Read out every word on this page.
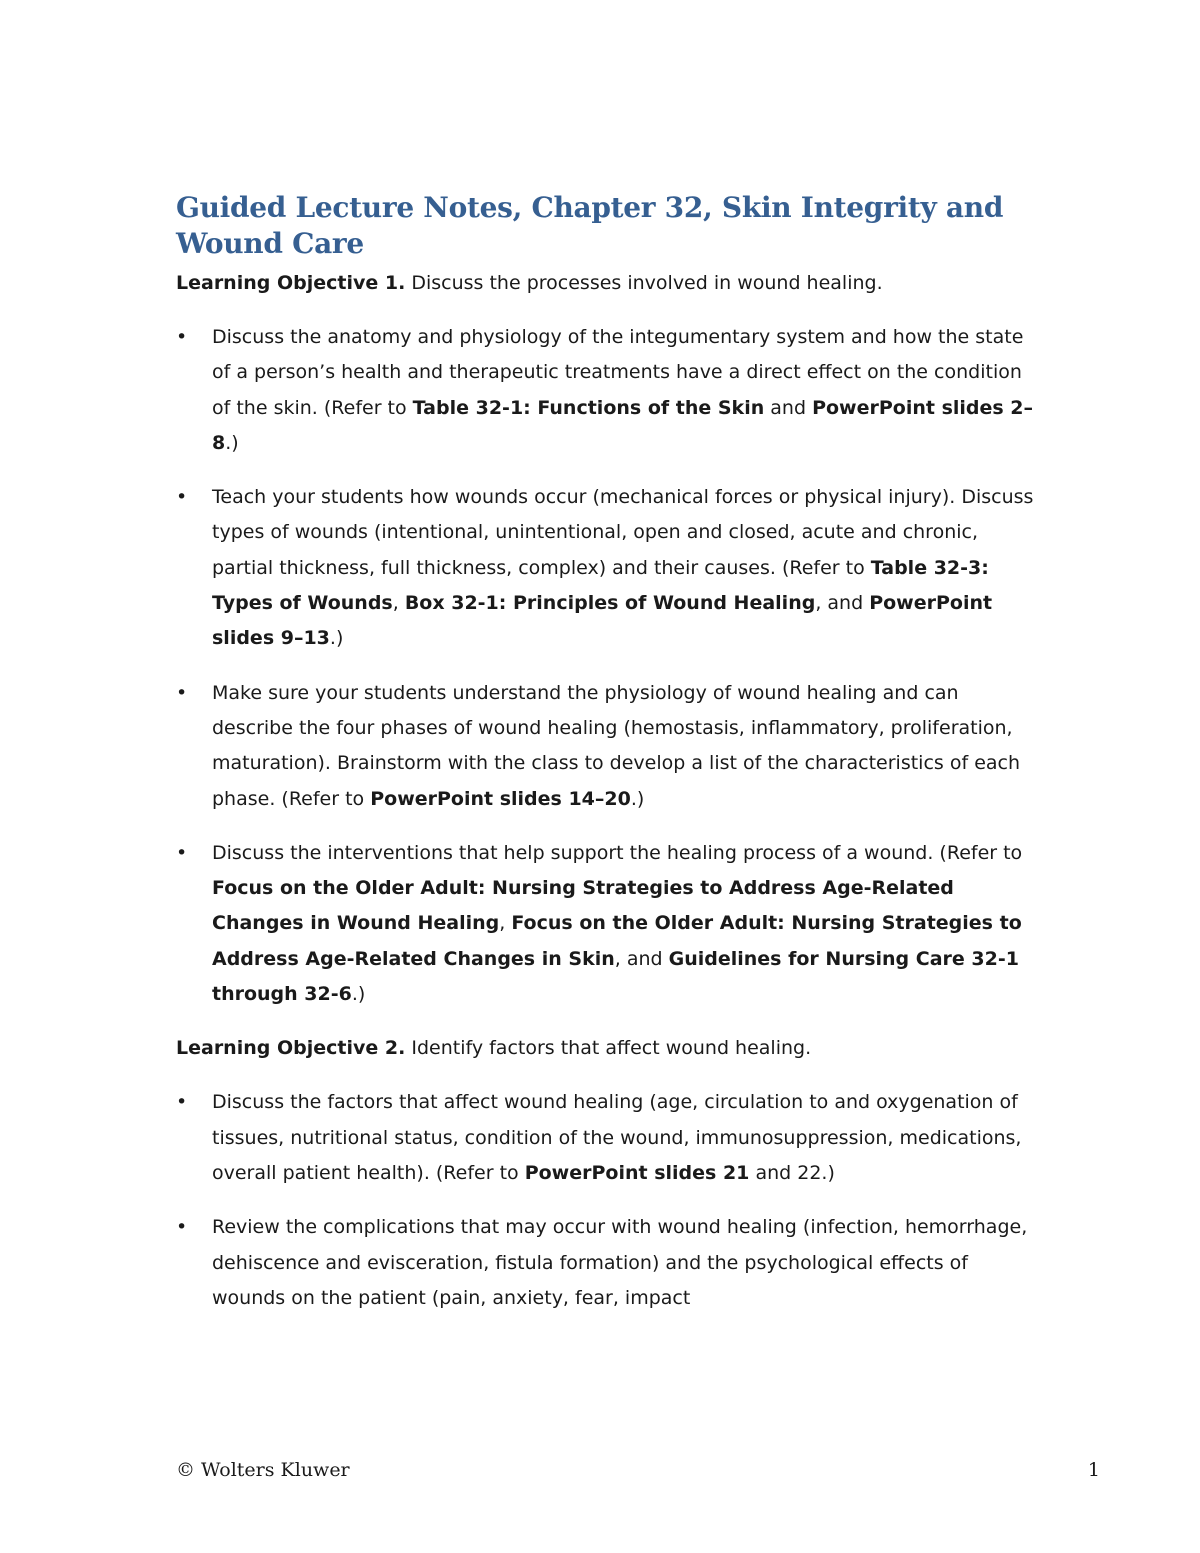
Guided Lecture Notes, Chapter 32, Skin Integrity and
Wound Care

Learning Objective 1. Discuss the processes involved in wound healing.

• Discuss the anatomy and physiology of the integumentary system and how the state of a person’s health and therapeutic treatments have a direct effect on the condition of the skin. (Refer to Table 32-1: Functions of the Skin and PowerPoint slides 2–8.)
• Teach your students how wounds occur (mechanical forces or physical injury). Discuss types of wounds (intentional, unintentional, open and closed, acute and chronic, partial thickness, full thickness, complex) and their causes. (Refer to Table 32-3: Types of Wounds, Box 32-1: Principles of Wound Healing, and PowerPoint slides 9–13.)
• Make sure your students understand the physiology of wound healing and can describe the four phases of wound healing (hemostasis, inflammatory, proliferation, maturation). Brainstorm with the class to develop a list of the characteristics of each phase. (Refer to PowerPoint slides 14–20.)
• Discuss the interventions that help support the healing process of a wound. (Refer to Focus on the Older Adult: Nursing Strategies to Address Age-Related Changes in Wound Healing, Focus on the Older Adult: Nursing Strategies to Address Age-Related Changes in Skin, and Guidelines for Nursing Care 32-1 through 32-6.)

Learning Objective 2. Identify factors that affect wound healing.

• Discuss the factors that affect wound healing (age, circulation to and oxygenation of tissues, nutritional status, condition of the wound, immunosuppression, medications, overall patient health). (Refer to PowerPoint slides 21 and 22.)
• Review the complications that may occur with wound healing (infection, hemorrhage, dehiscence and evisceration, fistula formation) and the psychological effects of wounds on the patient (pain, anxiety, fear, impact
© Wolters Kluwer	1
